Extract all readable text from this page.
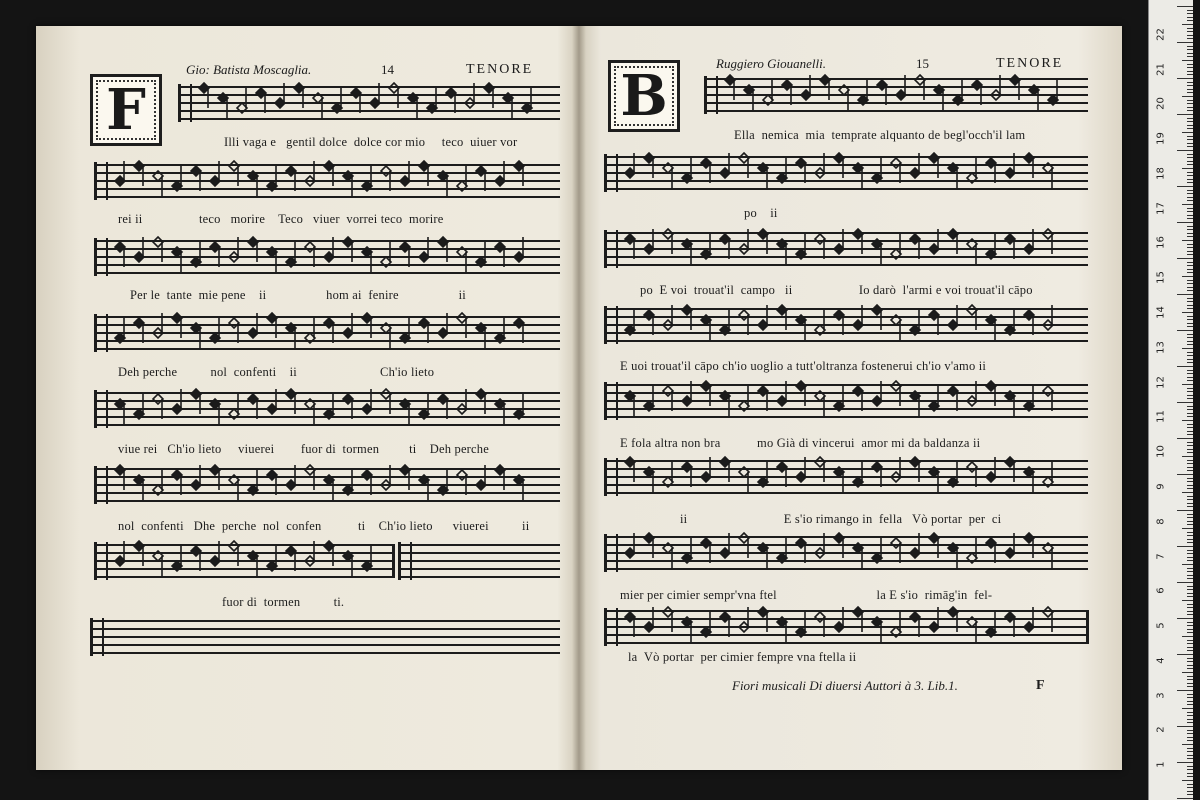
Gio: Batista Moscaglia.	14	TENORE
F	Illi vaga e   gentil dolce  dolce cor mio     teco  uiuer vor
rei ii                 teco   morire    Teco   viuer  vorrei teco  morire
Per le  tante  mie pene    ii                  hom ai  fenire                  ii
Deh perche          nol  confenti    ii                         Ch'io lieto
viue rei   Ch'io lieto     viuerei        fuor di  tormen         ti    Deh perche
nol  confenti   Dhe  perche  nol  confen           ti    Ch'io lieto      viuerei          ii
fuor di  tormen          ti.
Ruggiero Giouanelli.	15	TENORE
B
Ella  nemica  mia  temprate alquanto de begl'occh'il lam
po    ii
po  E voi  trouat'il  campo   ii                    Io darò  l'armi e voi trouat'il cāpo
E uoi trouat'il cāpo ch'io uoglio a tutt'oltranza fostenerui ch'io v'amo ii
E fola altra non bra           mo Già di vincerui  amor mi da baldanza ii
ii                             E s'io rimango in  fella   Vò portar  per  ci
mier per cimier sempr'vna ftel                              la E s'io  rimāg'in  fel-
la  Vò portar  per cimier fempre vna ftella ii
Fiori musicali Di diuersi Auttori à 3. Lib.1.	F
22
21
20
19
18
17
16
15
14
13
12
11
10
9
8
7
6
5
4
3
2
1
